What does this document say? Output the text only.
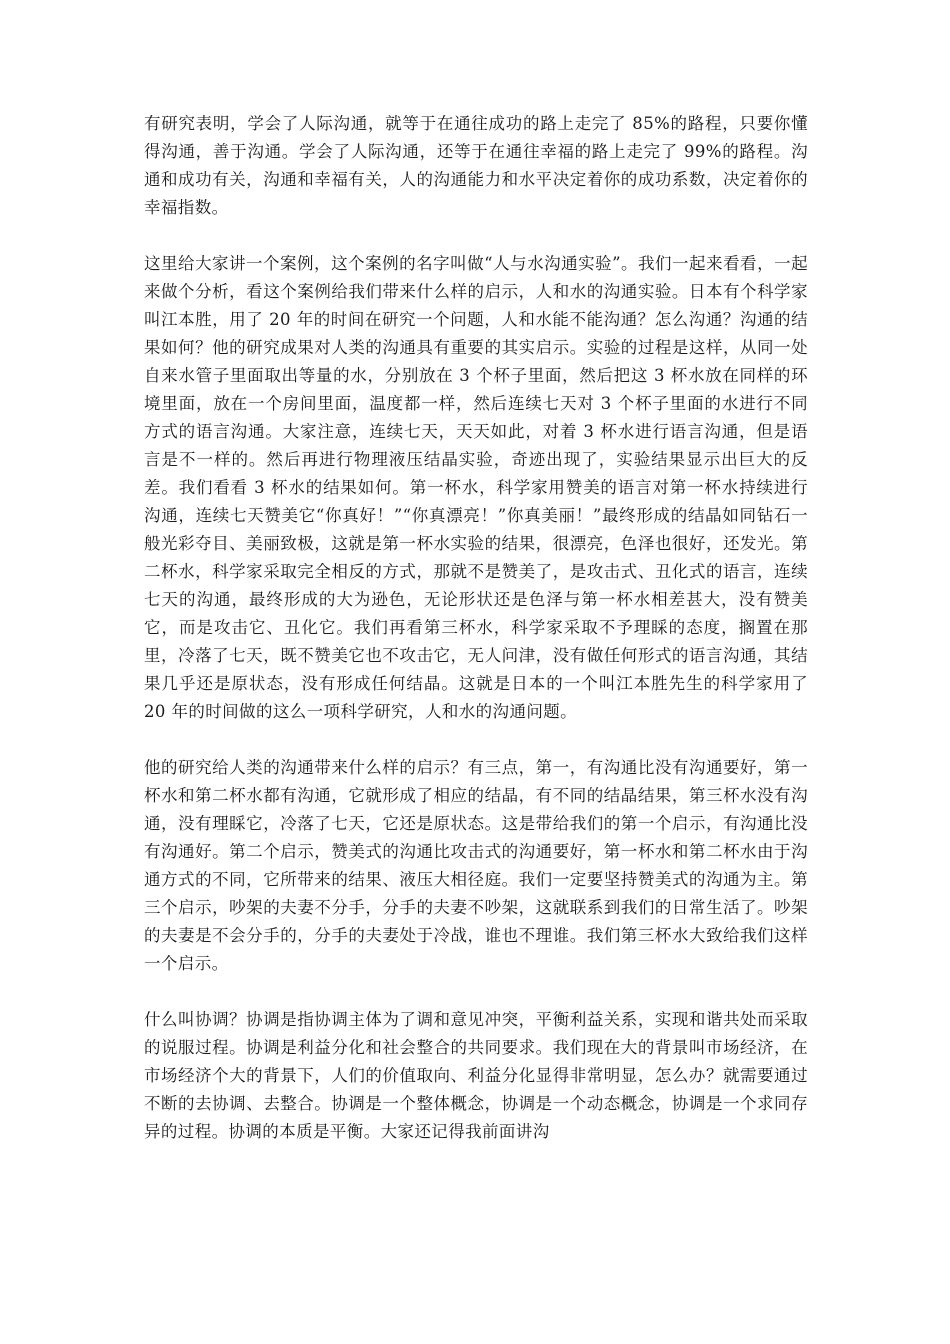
有研究表明，学会了人际沟通，就等于在通往成功的路上走完了 85%的路程，只要你懂得沟通，善于沟通。学会了人际沟通，还等于在通往幸福的路上走完了 99%的路程。沟通和成功有关，沟通和幸福有关，人的沟通能力和水平决定着你的成功系数，决定着你的幸福指数。

这里给大家讲一个案例，这个案例的名字叫做“人与水沟通实验”。我们一起来看看，一起来做个分析，看这个案例给我们带来什么样的启示，人和水的沟通实验。日本有个科学家叫江本胜，用了 20 年的时间在研究一个问题，人和水能不能沟通？怎么沟通？沟通的结果如何？他的研究成果对人类的沟通具有重要的其实启示。实验的过程是这样，从同一处自来水管子里面取出等量的水，分别放在 3 个杯子里面，然后把这 3 杯水放在同样的环境里面，放在一个房间里面，温度都一样，然后连续七天对 3 个杯子里面的水进行不同方式的语言沟通。大家注意，连续七天，天天如此，对着 3 杯水进行语言沟通，但是语言是不一样的。然后再进行物理液压结晶实验，奇迹出现了，实验结果显示出巨大的反差。我们看看 3 杯水的结果如何。第一杯水，科学家用赞美的语言对第一杯水持续进行沟通，连续七天赞美它“你真好！”“你真漂亮！”你真美丽！”最终形成的结晶如同钻石一般光彩夺目、美丽致极，这就是第一杯水实验的结果，很漂亮，色泽也很好，还发光。第二杯水，科学家采取完全相反的方式，那就不是赞美了，是攻击式、丑化式的语言，连续七天的沟通，最终形成的大为逊色，无论形状还是色泽与第一杯水相差甚大，没有赞美它，而是攻击它、丑化它。我们再看第三杯水，科学家采取不予理睬的态度，搁置在那里，冷落了七天，既不赞美它也不攻击它，无人问津，没有做任何形式的语言沟通，其结果几乎还是原状态，没有形成任何结晶。这就是日本的一个叫江本胜先生的科学家用了 20 年的时间做的这么一项科学研究，人和水的沟通问题。

他的研究给人类的沟通带来什么样的启示？有三点，第一，有沟通比没有沟通要好，第一杯水和第二杯水都有沟通，它就形成了相应的结晶，有不同的结晶结果，第三杯水没有沟通，没有理睬它，冷落了七天，它还是原状态。这是带给我们的第一个启示，有沟通比没有沟通好。第二个启示，赞美式的沟通比攻击式的沟通要好，第一杯水和第二杯水由于沟通方式的不同，它所带来的结果、液压大相径庭。我们一定要坚持赞美式的沟通为主。第三个启示，吵架的夫妻不分手，分手的夫妻不吵架，这就联系到我们的日常生活了。吵架的夫妻是不会分手的，分手的夫妻处于冷战，谁也不理谁。我们第三杯水大致给我们这样一个启示。

什么叫协调？协调是指协调主体为了调和意见冲突，平衡利益关系，实现和谐共处而采取的说服过程。协调是利益分化和社会整合的共同要求。我们现在大的背景叫市场经济，在市场经济个大的背景下，人们的价值取向、利益分化显得非常明显，怎么办？就需要通过不断的去协调、去整合。协调是一个整体概念，协调是一个动态概念，协调是一个求同存异的过程。协调的本质是平衡。大家还记得我前面讲沟
